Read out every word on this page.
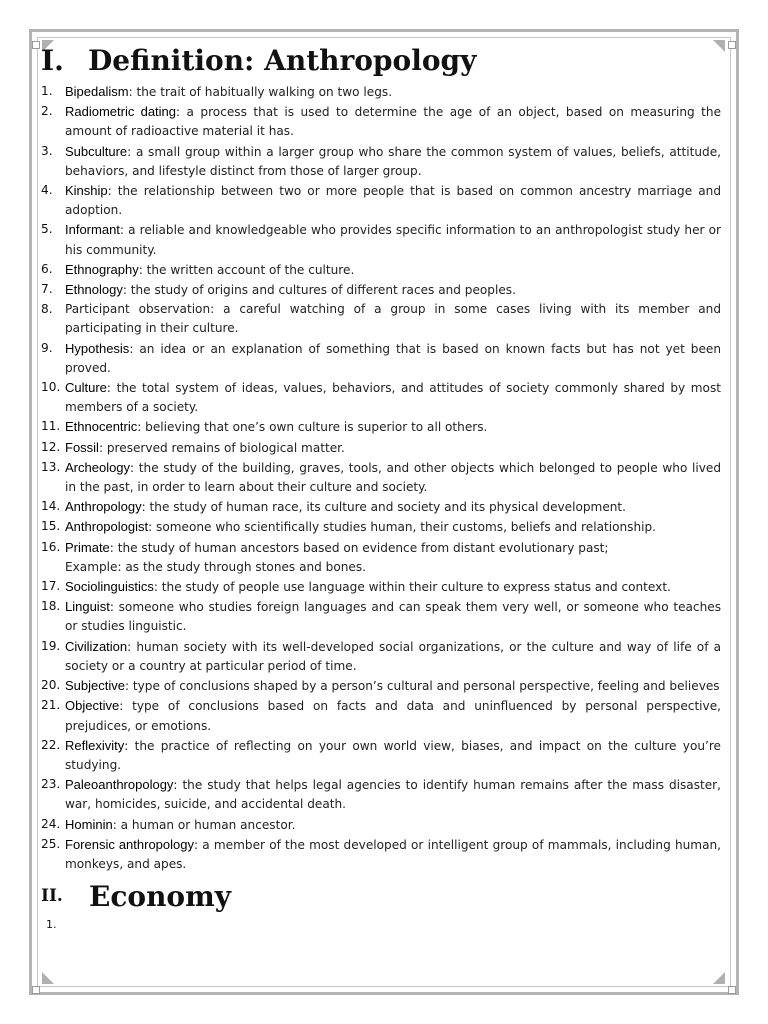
I. Definition: Anthropology
1. Bipedalism: the trait of habitually walking on two legs.
2. Radiometric dating: a process that is used to determine the age of an object, based on measuring the amount of radioactive material it has.
3. Subculture: a small group within a larger group who share the common system of values, beliefs, attitude, behaviors, and lifestyle distinct from those of larger group.
4. Kinship: the relationship between two or more people that is based on common ancestry marriage and adoption.
5. Informant: a reliable and knowledgeable who provides specific information to an anthropologist study her or his community.
6. Ethnography: the written account of the culture.
7. Ethnology: the study of origins and cultures of different races and peoples.
8. Participant observation: a careful watching of a group in some cases living with its member and participating in their culture.
9. Hypothesis: an idea or an explanation of something that is based on known facts but has not yet been proved.
10. Culture: the total system of ideas, values, behaviors, and attitudes of society commonly shared by most members of a society.
11. Ethnocentric: believing that one’s own culture is superior to all others.
12. Fossil: preserved remains of biological matter.
13. Archeology: the study of the building, graves, tools, and other objects which belonged to people who lived in the past, in order to learn about their culture and society.
14. Anthropology: the study of human race, its culture and society and its physical development.
15. Anthropologist: someone who scientifically studies human, their customs, beliefs and relationship.
16. Primate: the study of human ancestors based on evidence from distant evolutionary past;
Example: as the study through stones and bones.
17. Sociolinguistics: the study of people use language within their culture to express status and context.
18. Linguist: someone who studies foreign languages and can speak them very well, or someone who teaches or studies linguistic.
19. Civilization: human society with its well-developed social organizations, or the culture and way of life of a society or a country at particular period of time.
20. Subjective: type of conclusions shaped by a person’s cultural and personal perspective, feeling and believes
21. Objective: type of conclusions based on facts and data and uninfluenced by personal perspective, prejudices, or emotions.
22. Reflexivity: the practice of reflecting on your own world view, biases, and impact on the culture you’re studying.
23. Paleoanthropology: the study that helps legal agencies to identify human remains after the mass disaster, war, homicides, suicide, and accidental death.
24. Hominin: a human or human ancestor.
25. Forensic anthropology: a member of the most developed or intelligent group of mammals, including human, monkeys, and apes.
II. Economy
1.
